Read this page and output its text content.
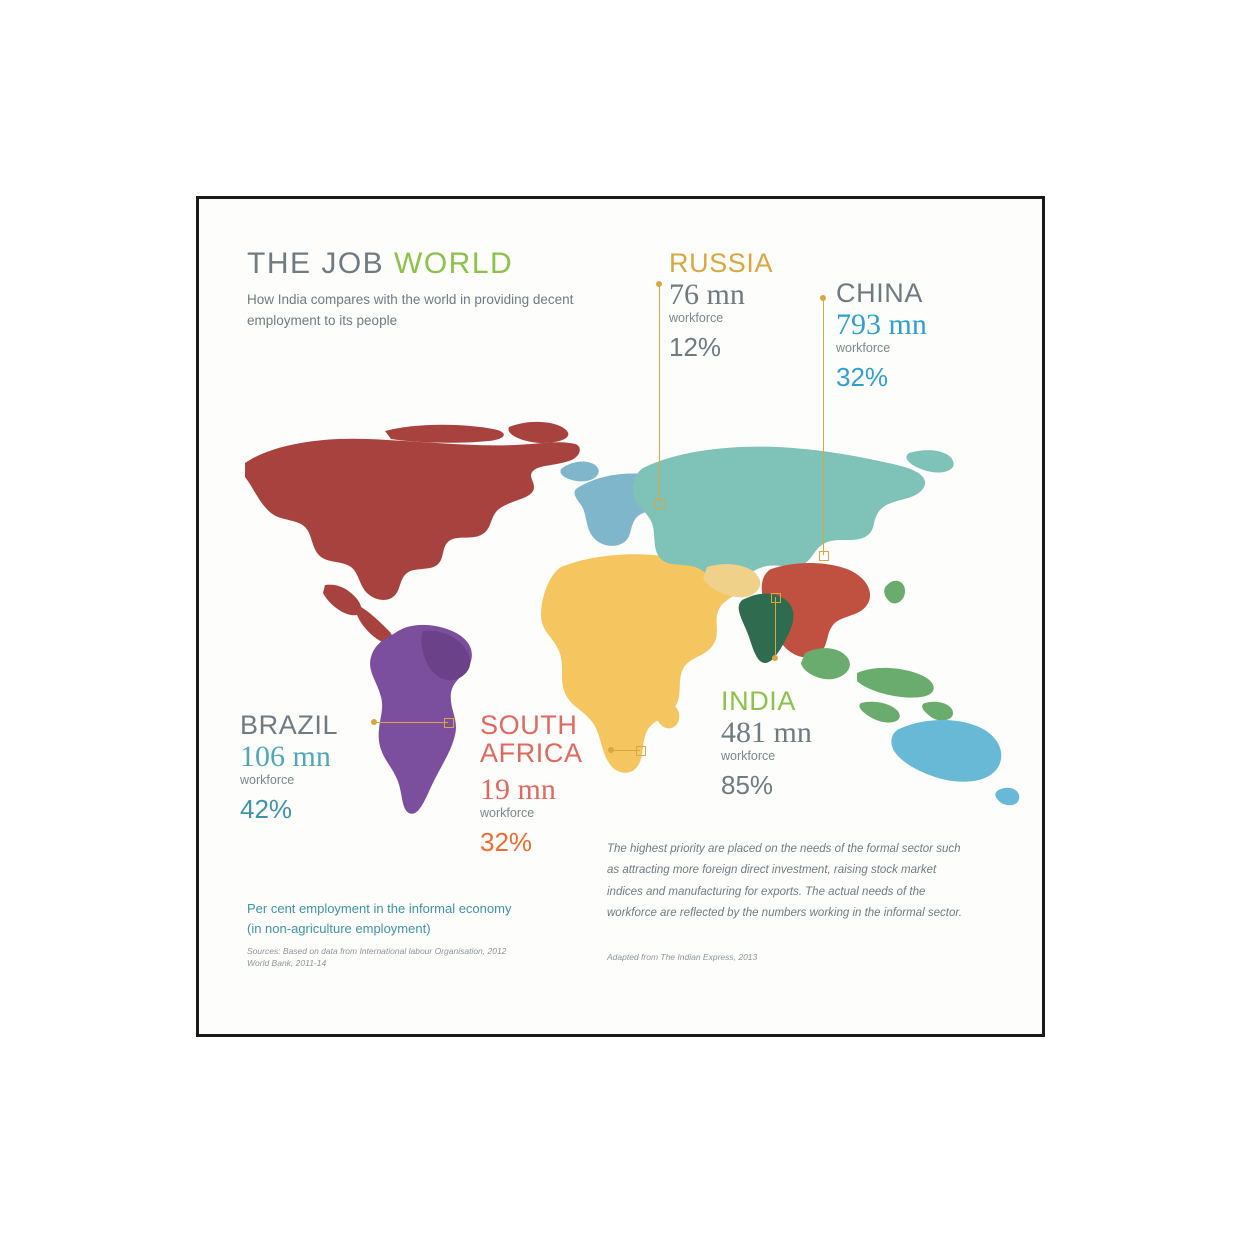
THE JOB WORLD
How India compares with the world in providing decent employment to its people
RUSSIA
76 mn
workforce
12%
CHINA
793 mn
workforce
32%
INDIA
481 mn
workforce
85%
BRAZIL
106 mn
workforce
42%
SOUTH
AFRICA
19 mn
workforce
32%
Per cent employment in the informal economy
(in non-agriculture employment)
Sources: Based on data from International labour Organisation, 2012
World Bank, 2011-14
The highest priority are placed on the needs of the formal sector such as attracting more foreign direct investment, raising stock market indices and manufacturing for exports. The actual needs of the workforce are reflected by the numbers working in the informal sector.
Adapted from The Indian Express, 2013
